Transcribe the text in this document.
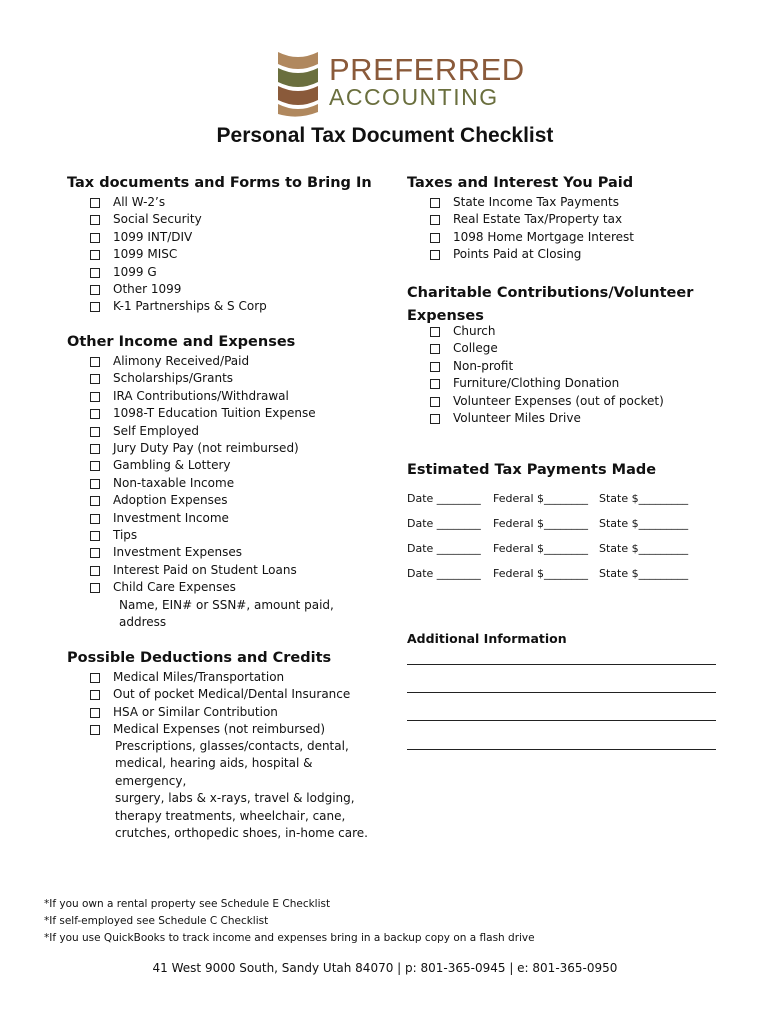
PREFERRED
ACCOUNTING
Personal Tax Document Checklist
Tax documents and Forms to Bring In
All W-2’s
Social Security
1099 INT/DIV
1099 MISC
1099 G
Other 1099
K-1 Partnerships & S Corp
Other Income and Expenses
Alimony Received/Paid
Scholarships/Grants
IRA Contributions/Withdrawal
1098-T Education Tuition Expense
Self Employed
Jury Duty Pay (not reimbursed)
Gambling & Lottery
Non-taxable Income
Adoption Expenses
Investment Income
Tips
Investment Expenses
Interest Paid on Student Loans
Child Care Expenses
Name, EIN# or SSN#, amount paid,
address
Possible Deductions and Credits
Medical Miles/Transportation
Out of pocket Medical/Dental Insurance
HSA or Similar Contribution
Medical Expenses (not reimbursed)
Prescriptions, glasses/contacts, dental,
medical, hearing aids, hospital &
emergency,
surgery, labs & x-rays, travel & lodging,
therapy treatments, wheelchair, cane,
crutches, orthopedic shoes, in-home care.
Taxes and Interest You Paid
State Income Tax Payments
Real Estate Tax/Property tax
1098 Home Mortgage Interest
Points Paid at Closing
Charitable Contributions/Volunteer
Expenses
Church
College
Non-profit
Furniture/Clothing Donation
Volunteer Expenses (out of pocket)
Volunteer Miles Drive
Estimated Tax Payments Made
Date ________ Federal $________ State $_________
Date ________ Federal $________ State $_________
Date ________ Federal $________ State $_________
Date ________ Federal $________ State $_________
Additional Information
*If you own a rental property see Schedule E Checklist
*If self-employed see Schedule C Checklist
*If you use QuickBooks to track income and expenses bring in a backup copy on a flash drive
41 West 9000 South, Sandy Utah 84070 | p: 801-365-0945 | e: 801-365-0950
